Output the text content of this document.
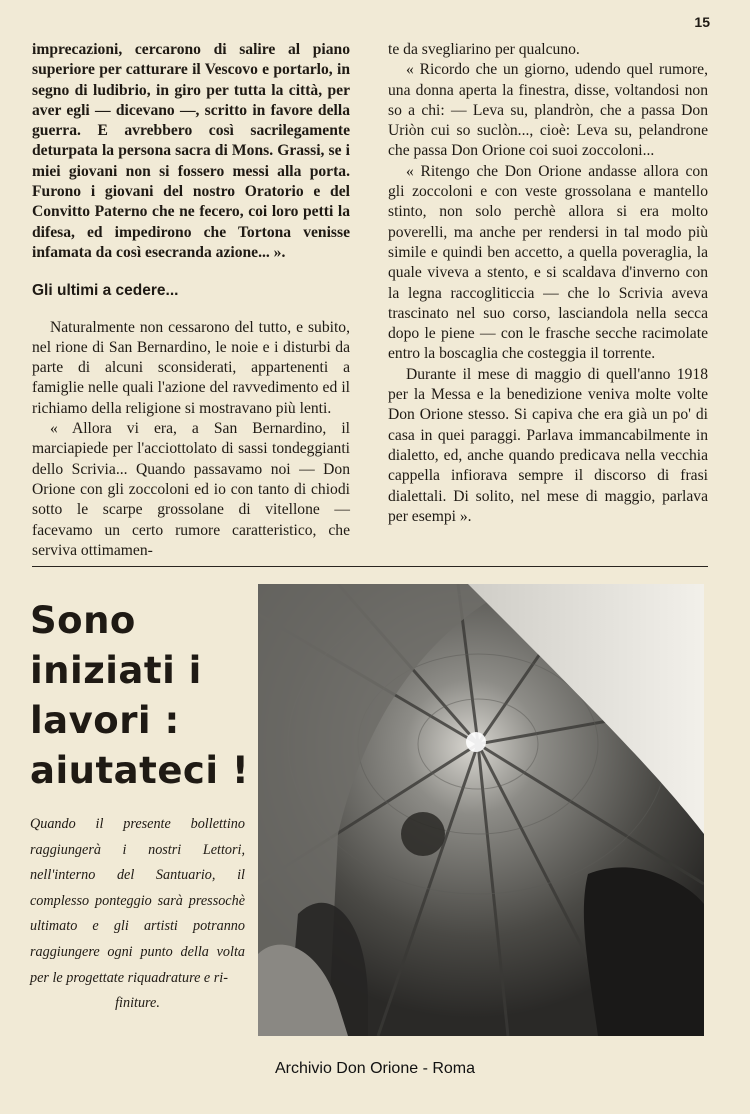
15

imprecazioni, cercarono di salire al piano superiore per catturare il Vescovo e portarlo, in segno di ludibrio, in giro per tutta la città, per aver egli — dicevano —, scritto in favore della guerra. E avrebbero così sacrilegamente deturpata la persona sacra di Mons. Grassi, se i miei giovani non si fossero messi alla porta. Furono i giovani del nostro Oratorio e del Convitto Paterno che ne fecero, coi loro petti la difesa, ed impedirono che Tortona venisse infamata da così esecranda azione... ».

Gli ultimi a cedere...

Naturalmente non cessarono del tutto, e subito, nel rione di San Bernardino, le noie e i disturbi da parte di alcuni sconsiderati, appartenenti a famiglie nelle quali l'azione del ravvedimento ed il richiamo della religione si mostravano più lenti.

« Allora vi era, a San Bernardino, il marciapiede per l'acciottolato di sassi tondeggianti dello Scrivia... Quando passavamo noi — Don Orione con gli zoccoloni ed io con tanto di chiodi sotto le scarpe grossolane di vitellone — facevamo un certo rumore caratteristico, che serviva ottimamen-

te da svegliarino per qualcuno.

« Ricordo che un giorno, udendo quel rumore, una donna aperta la finestra, disse, voltandosi non so a chi: — Leva su, plandròn, che a passa Don Uriòn cui so suclòn..., cioè: Leva su, pelandrone che passa Don Orione coi suoi zoccoloni...

« Ritengo che Don Orione andasse allora con gli zoccoloni e con veste grossolana e mantello stinto, non solo perchè allora si era molto poverelli, ma anche per rendersi in tal modo più simile e quindi ben accetto, a quella poveraglia, la quale viveva a stento, e si scaldava d'inverno con la legna raccogliticcia — che lo Scrivia aveva trascinato nel suo corso, lasciandola nella secca dopo le piene — con le frasche secche racimolate entro la boscaglia che costeggia il torrente.

Durante il mese di maggio di quell'anno 1918 per la Messa e la benedizione veniva molte volte Don Orione stesso. Si capiva che era già un po' di casa in quei paraggi. Parlava immancabilmente in dialetto, ed, anche quando predicava nella vecchia cappella infiorava sempre il discorso di frasi dialettali. Di solito, nel mese di maggio, parlava per esempi ».

Sono
iniziati i
lavori :
aiutateci !
Quando il presente bollettino raggiungerà i nostri Lettori, nell'interno del Santuario, il complesso ponteggio sarà pressochè ultimato e gli artisti potranno raggiungere ogni punto della volta per le progettate riquadrature e ri-
finiture.
Archivio Don Orione - Roma
